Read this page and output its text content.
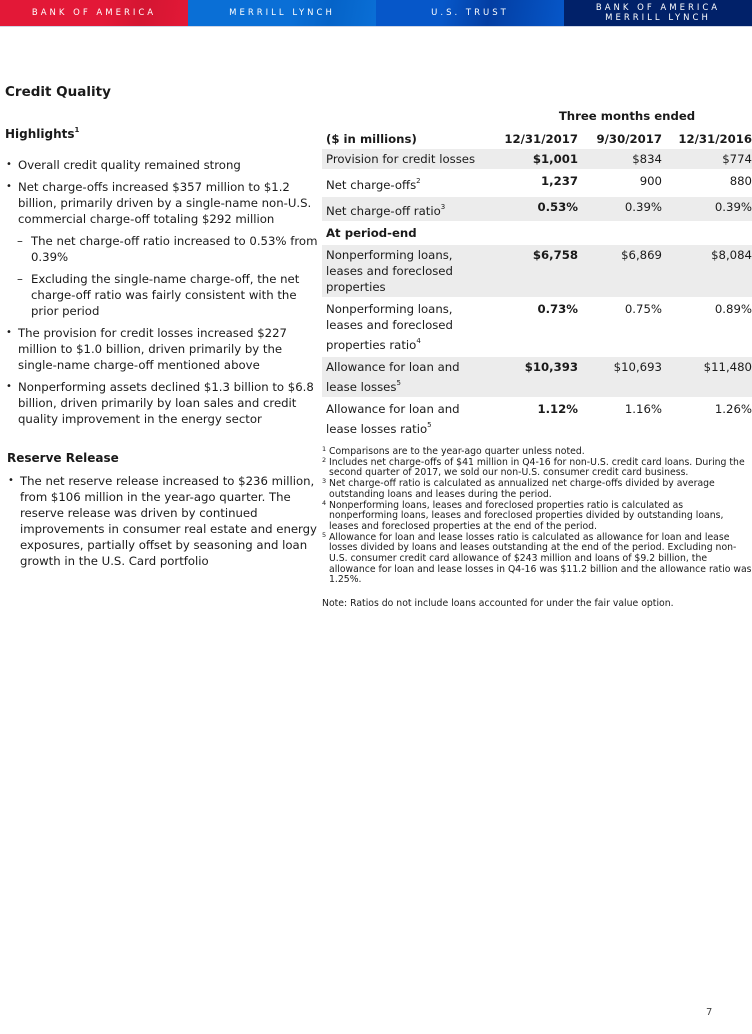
BANK OF AMERICA	MERRILL LYNCH	U.S. TRUST	BANK OF AMERICA
MERRILL LYNCH
Credit Quality
Highlights$^1$
• Overall credit quality remained strong
• Net charge-offs increased $357 million to $1.2 billion, primarily driven by a single-name non-U.S. commercial charge-off totaling $292 million
– The net charge-off ratio increased to 0.53% from 0.39%
– Excluding the single-name charge-off, the net charge-off ratio was fairly consistent with the prior period
• The provision for credit losses increased $227 million to $1.0 billion, driven primarily by the single-name charge-off mentioned above
• Nonperforming assets declined $1.3 billion to $6.8 billion, driven primarily by loan sales and credit quality improvement in the energy sector
Reserve Release
• The net reserve release increased to $236 million, from $106 million in the year-ago quarter. The reserve release was driven by continued improvements in consumer real estate and energy exposures, partially offset by seasoning and loan growth in the U.S. Card portfolio
Three months ended
($ in millions)	12/31/2017	9/30/2017	12/31/2016
Provision for credit losses	$1,001	$834	$774
Net charge-offs$^2$	1,237	900	880
Net charge-off ratio$^3$	0.53%	0.39%	0.39%
At period-end			
Nonperforming loans, leases and foreclosed properties	$6,758	$6,869	$8,084
Nonperforming loans, leases and foreclosed properties ratio$^4$	0.73%	0.75%	0.89%
Allowance for loan and lease losses$^5$	$10,393	$10,693	$11,480
Allowance for loan and lease losses ratio$^5$	1.12%	1.16%	1.26%
1 Comparisons are to the year-ago quarter unless noted.
2 Includes net charge-offs of $41 million in Q4-16 for non-U.S. credit card loans. During the second quarter of 2017, we sold our non-U.S. consumer credit card business.
3 Net charge-off ratio is calculated as annualized net charge-offs divided by average outstanding loans and leases during the period.
4 Nonperforming loans, leases and foreclosed properties ratio is calculated as nonperforming loans, leases and foreclosed properties divided by outstanding loans, leases and foreclosed properties at the end of the period.
5 Allowance for loan and lease losses ratio is calculated as allowance for loan and lease losses divided by loans and leases outstanding at the end of the period. Excluding non-U.S. consumer credit card allowance of $243 million and loans of $9.2 billion, the allowance for loan and lease losses in Q4-16 was $11.2 billion and the allowance ratio was 1.25%.
Note: Ratios do not include loans accounted for under the fair value option.
7
